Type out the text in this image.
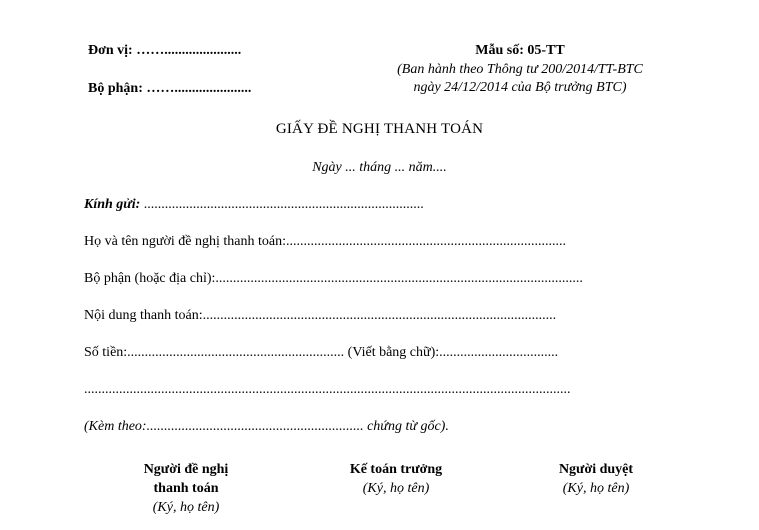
Đơn vị: ……......................
Bộ phận: ……......................
Mẫu số: 05-TT
(Ban hành theo Thông tư 200/2014/TT-BTC
ngày 24/12/2014 của Bộ trưởng BTC)
GIẤY ĐỀ NGHỊ THANH TOÁN
Ngày ... tháng ... năm....
Kính gửi: ................................................................................
Họ và tên người đề nghị thanh toán:................................................................................
Bộ phận (hoặc địa chỉ):.........................................................................................................
Nội dung thanh toán:.....................................................................................................
Số tiền:.............................................................. (Viết bằng chữ):..................................
...........................................................................................................................................
(Kèm theo:.............................................................. chứng từ gốc).
Người đề nghị
thanh toán
(Ký, họ tên)
Kế toán trưởng
(Ký, họ tên)
Người duyệt
(Ký, họ tên)
